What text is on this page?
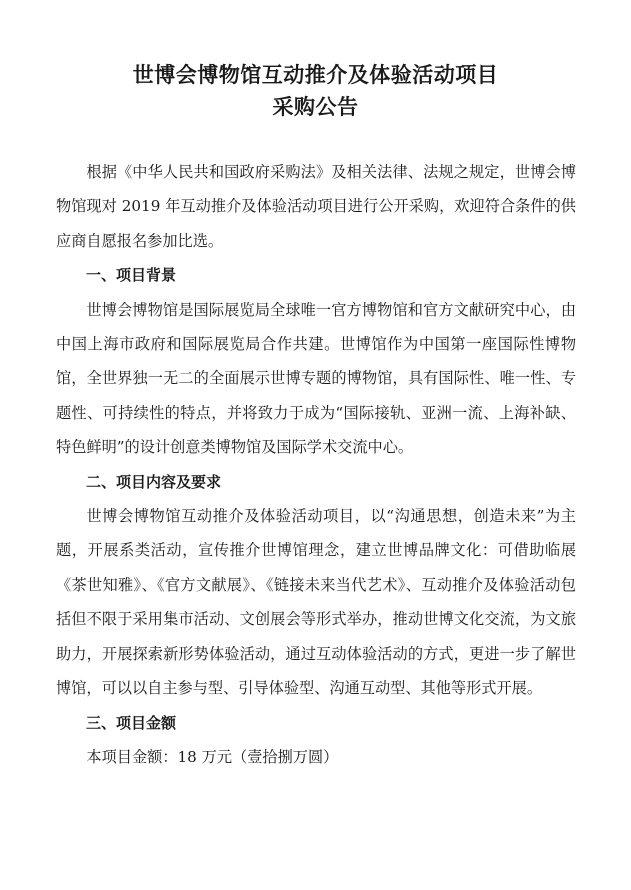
世博会博物馆互动推介及体验活动项目
采购公告

根据《中华人民共和国政府采购法》及相关法律、法规之规定，世博会博物馆现对 2019 年互动推介及体验活动项目进行公开采购，欢迎符合条件的供应商自愿报名参加比选。

一、项目背景

世博会博物馆是国际展览局全球唯一官方博物馆和官方文献研究中心，由中国上海市政府和国际展览局合作共建。世博馆作为中国第一座国际性博物馆，全世界独一无二的全面展示世博专题的博物馆，具有国际性、唯一性、专题性、可持续性的特点，并将致力于成为“国际接轨、亚洲一流、上海补缺、特色鲜明”的设计创意类博物馆及国际学术交流中心。

二、项目内容及要求

世博会博物馆互动推介及体验活动项目，以“沟通思想，创造未来”为主题，开展系类活动，宣传推介世博馆理念，建立世博品牌文化：可借助临展《茶世知雅》、《官方文献展》、《链接未来当代艺术》、互动推介及体验活动包括但不限于采用集市活动、文创展会等形式举办，推动世博文化交流，为文旅助力，开展探索新形势体验活动，通过互动体验活动的方式，更进一步了解世博馆，可以以自主参与型、引导体验型、沟通互动型、其他等形式开展。

三、项目金额

本项目金额：18 万元（壹拾捌万圆）
